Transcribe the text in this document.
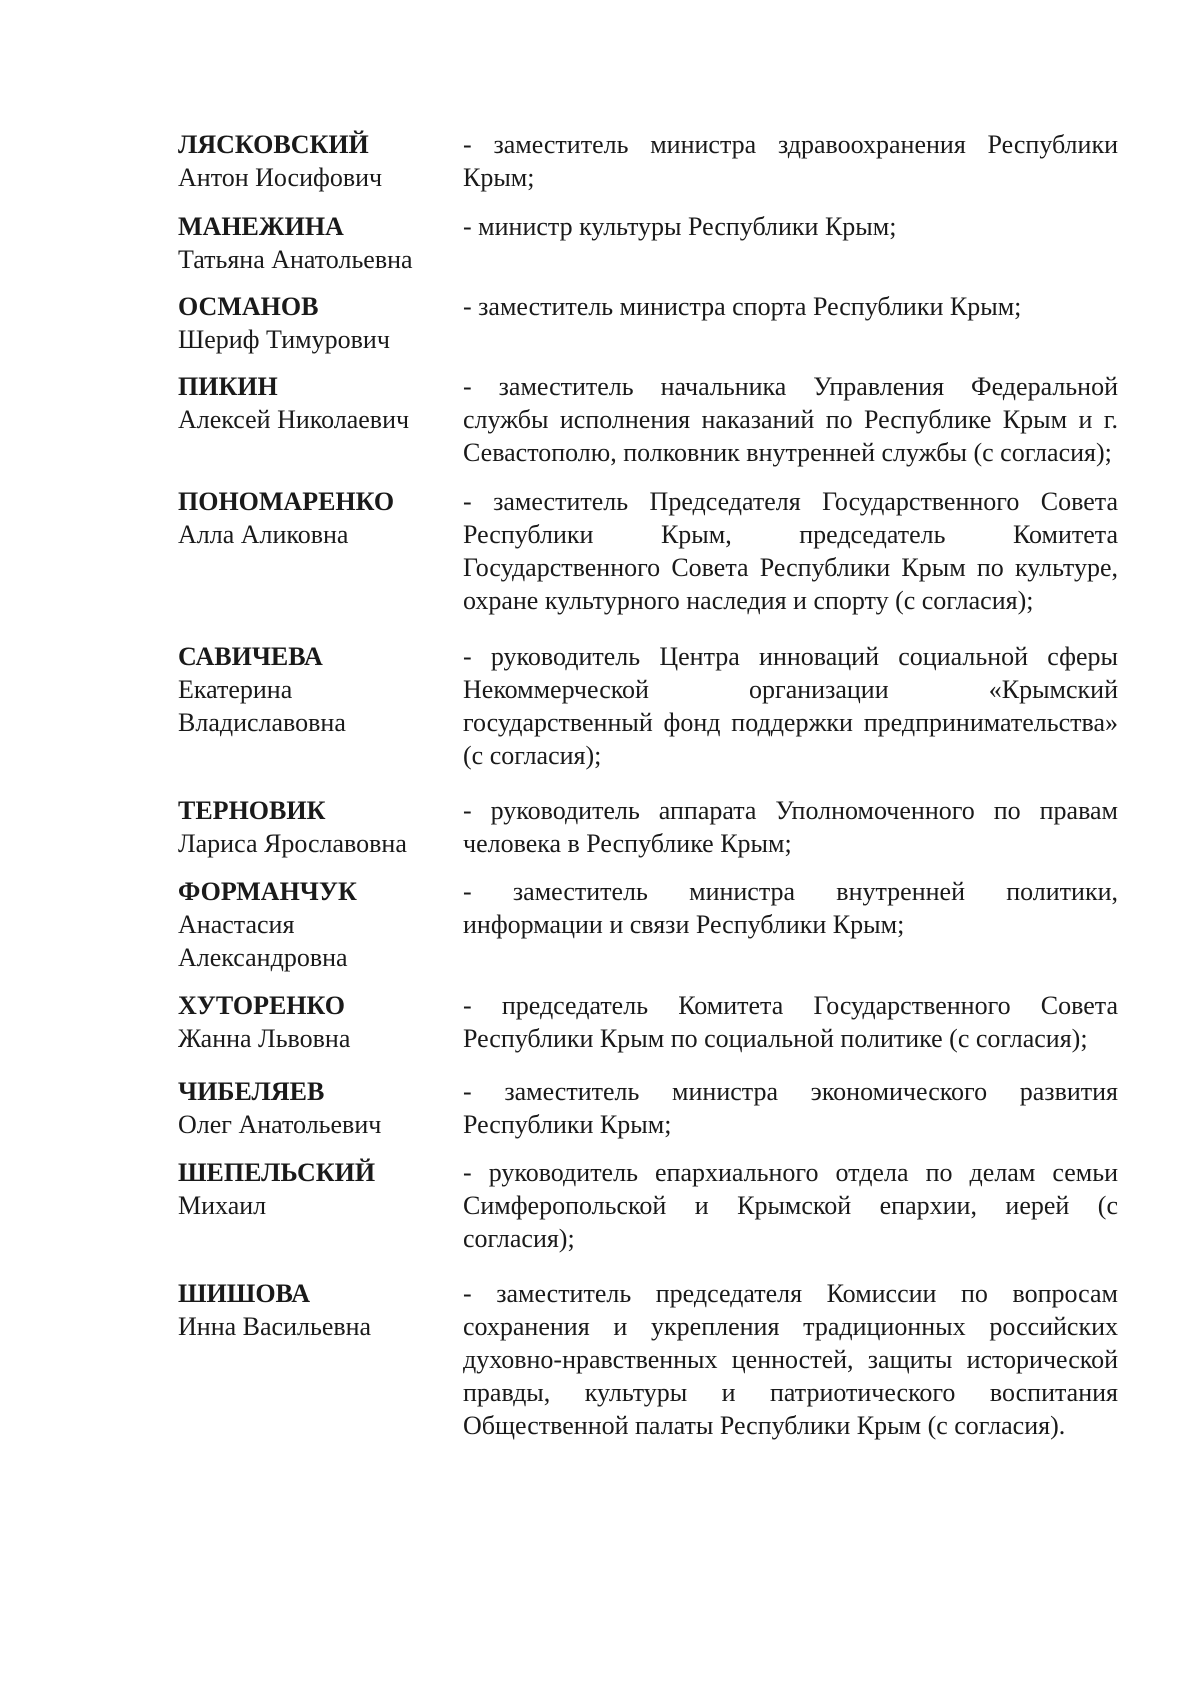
ЛЯСКОВСКИЙ
Антон Иосифович
- заместитель министра здравоохранения Республики Крым;
МАНЕЖИНА
Татьяна Анатольевна
- министр культуры Республики Крым;
ОСМАНОВ
Шериф Тимурович
- заместитель министра спорта Республики Крым;
ПИКИН
Алексей Николаевич
- заместитель начальника Управления Федеральной службы исполнения наказаний по Республике Крым и г. Севастополю, полковник внутренней службы (с согласия);
ПОНОМАРЕНКО
Алла Аликовна
- заместитель Председателя Государственного Совета Республики Крым, председатель Комитета Государственного Совета Республики Крым по культуре, охране культурного наследия и спорту (с согласия);
САВИЧЕВА
Екатерина Владиславовна
- руководитель Центра инноваций социальной сферы Некоммерческой организации «Крымский государственный фонд поддержки предпринимательства» (с согласия);
ТЕРНОВИК
Лариса Ярославовна
- руководитель аппарата Уполномоченного по правам человека в Республике Крым;
ФОРМАНЧУК
Анастасия Александровна
- заместитель министра внутренней политики, информации и связи Республики Крым;
ХУТОРЕНКО
Жанна Львовна
- председатель Комитета Государственного Совета Республики Крым по социальной политике (с согласия);
ЧИБЕЛЯЕВ
Олег Анатольевич
- заместитель министра экономического развития Республики Крым;
ШЕПЕЛЬСКИЙ
Михаил
- руководитель епархиального отдела по делам семьи Симферопольской и Крымской епархии, иерей (с согласия);
ШИШОВА
Инна Васильевна
- заместитель председателя Комиссии по вопросам сохранения и укрепления традиционных российских духовно-нравственных ценностей, защиты исторической правды, культуры и патриотического воспитания Общественной палаты Республики Крым (с согласия).
